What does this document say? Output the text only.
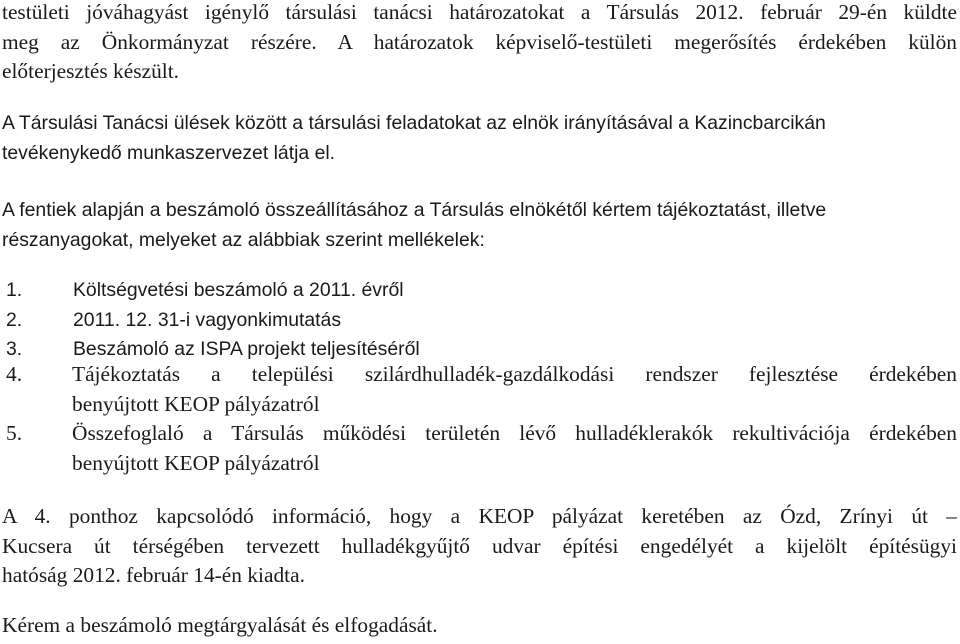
testületi jóváhagyást igénylő társulási tanácsi határozatokat a Társulás 2012. február 29-én küldte
meg az Önkormányzat részére. A határozatok képviselő-testületi megerősítés érdekében külön
előterjesztés készült.
A Társulási Tanácsi ülések között a társulási feladatokat az elnök irányításával a Kazincbarcikán
tevékenykedő munkaszervezet látja el.
A fentiek alapján a beszámoló összeállításához a Társulás elnökétől kértem tájékoztatást, illetve
részanyagokat, melyeket az alábbiak szerint mellékelek:
1.	Költségvetési beszámoló a 2011. évről
2.	2011. 12. 31-i vagyonkimutatás
3.	Beszámoló az ISPA projekt teljesítéséről
4. Tájékoztatás a települési szilárdhulladék-gazdálkodási rendszer fejlesztése érdekében
benyújtott KEOP pályázatról
5. Összefoglaló a Társulás működési területén lévő hulladéklerakók rekultivációja érdekében
benyújtott KEOP pályázatról
A 4. ponthoz kapcsolódó információ, hogy a KEOP pályázat keretében az Ózd, Zrínyi út –
Kucsera út térségében tervezett hulladékgyűjtő udvar építési engedélyét a kijelölt építésügyi
hatóság 2012. február 14-én kiadta.
Kérem a beszámoló megtárgyalását és elfogadását.
